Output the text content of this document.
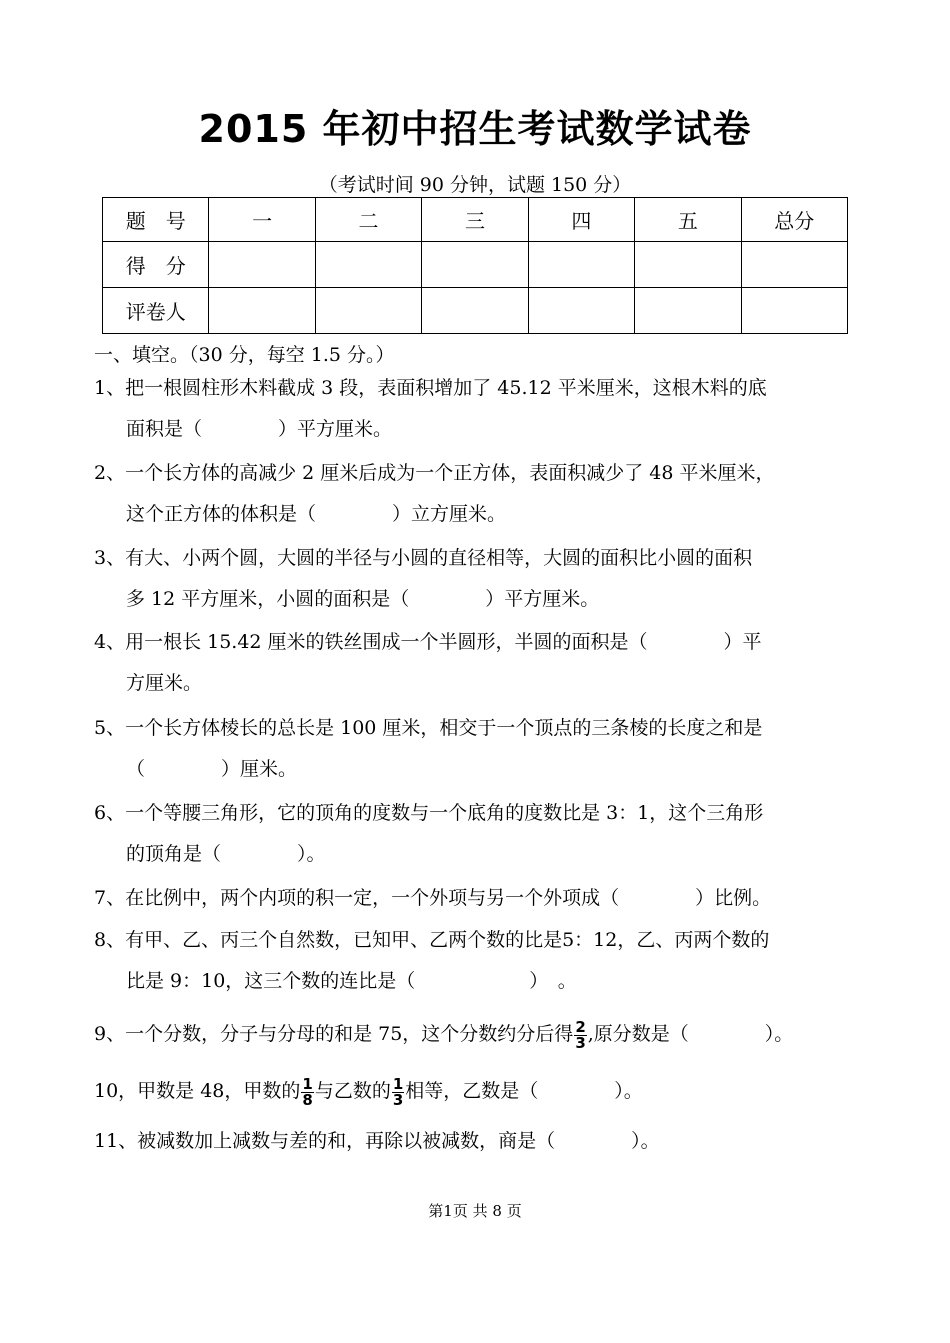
2015 年初中招生考试数学试卷
（考试时间 90 分钟，试题 150 分）
题　号	一	二	三	四	五	总分
得　分						
评卷人						
一、填空。（30 分，每空 1.5 分。）
1、把一根圆柱形木料截成 3 段，表面积增加了 45.12 平米厘米，这根木料的底
面积是（　　　　）平方厘米。
2、一个长方体的高减少 2 厘米后成为一个正方体，表面积减少了 48 平米厘米，
这个正方体的体积是（　　　　）立方厘米。
3、有大、小两个圆，大圆的半径与小圆的直径相等，大圆的面积比小圆的面积
多 12 平方厘米，小圆的面积是（　　　　）平方厘米。
4、用一根长 15.42 厘米的铁丝围成一个半圆形，半圆的面积是（　　　　）平
方厘米。
5、一个长方体棱长的总长是 100 厘米，相交于一个顶点的三条棱的长度之和是
（　　　　）厘米。
6、一个等腰三角形，它的顶角的度数与一个底角的度数比是 3：1，这个三角形
的顶角是（　　　　）。
7、在比例中，两个内项的积一定，一个外项与另一个外项成（　　　　）比例。
8、有甲、乙、丙三个自然数，已知甲、乙两个数的比是5：12，乙、丙两个数的
比是 9：10，这三个数的连比是（　　　　　　）　。
9、一个分数，分子与分母的和是 75，这个分数约分后得 $\frac{2}{3}$ ,原分数是（　　　　）。
10，甲数是 48，甲数的 $\frac{1}{8}$ 与乙数的 $\frac{1}{3}$ 相等，乙数是（　　　　）。
11、被减数加上减数与差的和，再除以被减数，商是（　　　　）。
第1页 共 8 页
